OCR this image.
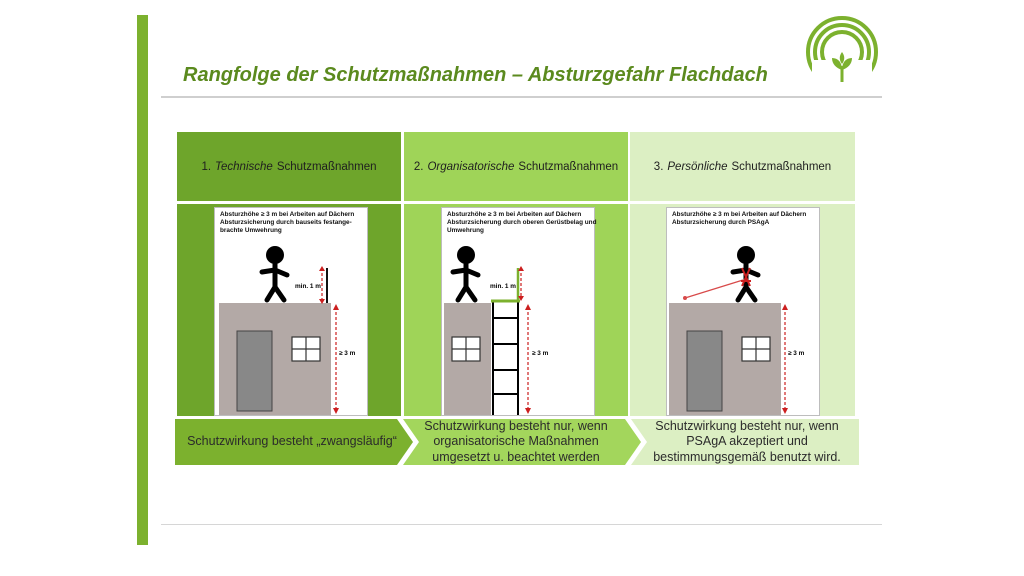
Rangfolge der Schutzmaßnahmen – Absturzgefahr Flachdach
1. Technische Schutzmaßnahmen	2. Organisatorische Schutzmaßnahmen	3. Persönliche Schutzmaßnahmen
Absturzhöhe ≥ 3 m bei Arbeiten auf Dächern
Absturzsicherung durch bauseits festange-
brachte Umwehrung
min. 1 m
≥ 3 m
Absturzhöhe ≥ 3 m bei Arbeiten auf Dächern
Absturzsicherung durch oberen Gerüstbelag und
Umwehrung
min. 1 m
≥ 3 m
Absturzhöhe ≥ 3 m bei Arbeiten auf Dächern
Absturzsicherung durch PSAgA
≥ 3 m
Schutzwirkung besteht „zwangsläufig“
Schutzwirkung besteht nur, wenn organisatorische Maßnahmen umgesetzt u. beachtet werden
Schutzwirkung besteht nur, wenn PSAgA akzeptiert und bestimmungsgemäß benutzt wird.
